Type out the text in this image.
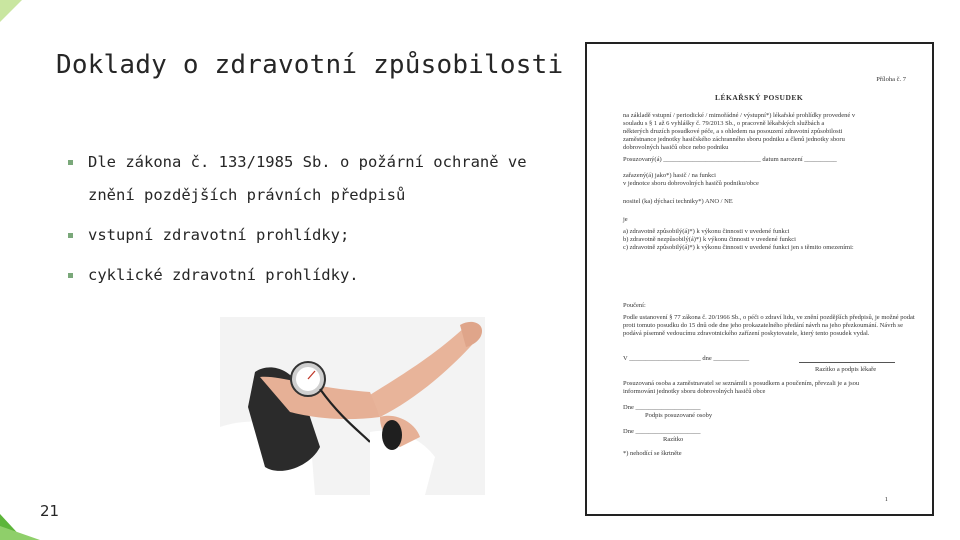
Doklady o zdravotní způsobilosti
Dle zákona č. 133/1985 Sb. o požární ochraně ve znění pozdějších právních předpisů
vstupní zdravotní prohlídky;
cyklické zdravotní prohlídky.
21
Příloha č. 7
LÉKAŘSKÝ POSUDEK
na základě vstupní / periodické / mimořádné / výstupní*) lékařské prohlídky provedené v
souladu s § 1 až 6 vyhlášky č. 79/2013 Sb., o pracovně lékařských službách a
některých druzích posudkové péče, a s ohledem na posouzení zdravotní způsobilosti
zaměstnance jednotky hasičského záchranného sboru podniku a členů jednotky sboru
dobrovolných hasičů obce nebo podniku
Posuzovaný(á) ______________________________ datum narození __________
zařazený(á) jako*) hasič / na funkci
v jednotce sboru dobrovolných hasičů podniku/obce
nositel (ka) dýchací techniky*) ANO / NE
je
a) zdravotně způsobilý(á)*) k výkonu činnosti v uvedené funkci
b) zdravotně nezpůsobilý(á)*) k výkonu činnosti v uvedené funkci
c) zdravotně způsobilý(á)*) k výkonu činnosti v uvedené funkci jen s těmito omezeními:
Poučení:
Podle ustanovení § 77 zákona č. 20/1966 Sb., o péči o zdraví lidu, ve znění pozdějších předpisů, je možné podat
proti tomuto posudku do 15 dnů ode dne jeho prokazatelného předání návrh na jeho přezkoumání. Návrh se
podává písemně vedoucímu zdravotnického zařízení poskytovatele, který tento posudek vydal.
V ______________________ dne ___________
Razítko a podpis lékaře
Posuzovaná osoba a zaměstnavatel se seznámili s posudkem a poučením, převzali je a jsou
informováni jednotky sboru dobrovolných hasičů obce
Dne ____________________
Podpis posuzované osoby
Dne ____________________
Razítko
*) nehodící se škrtněte
1
